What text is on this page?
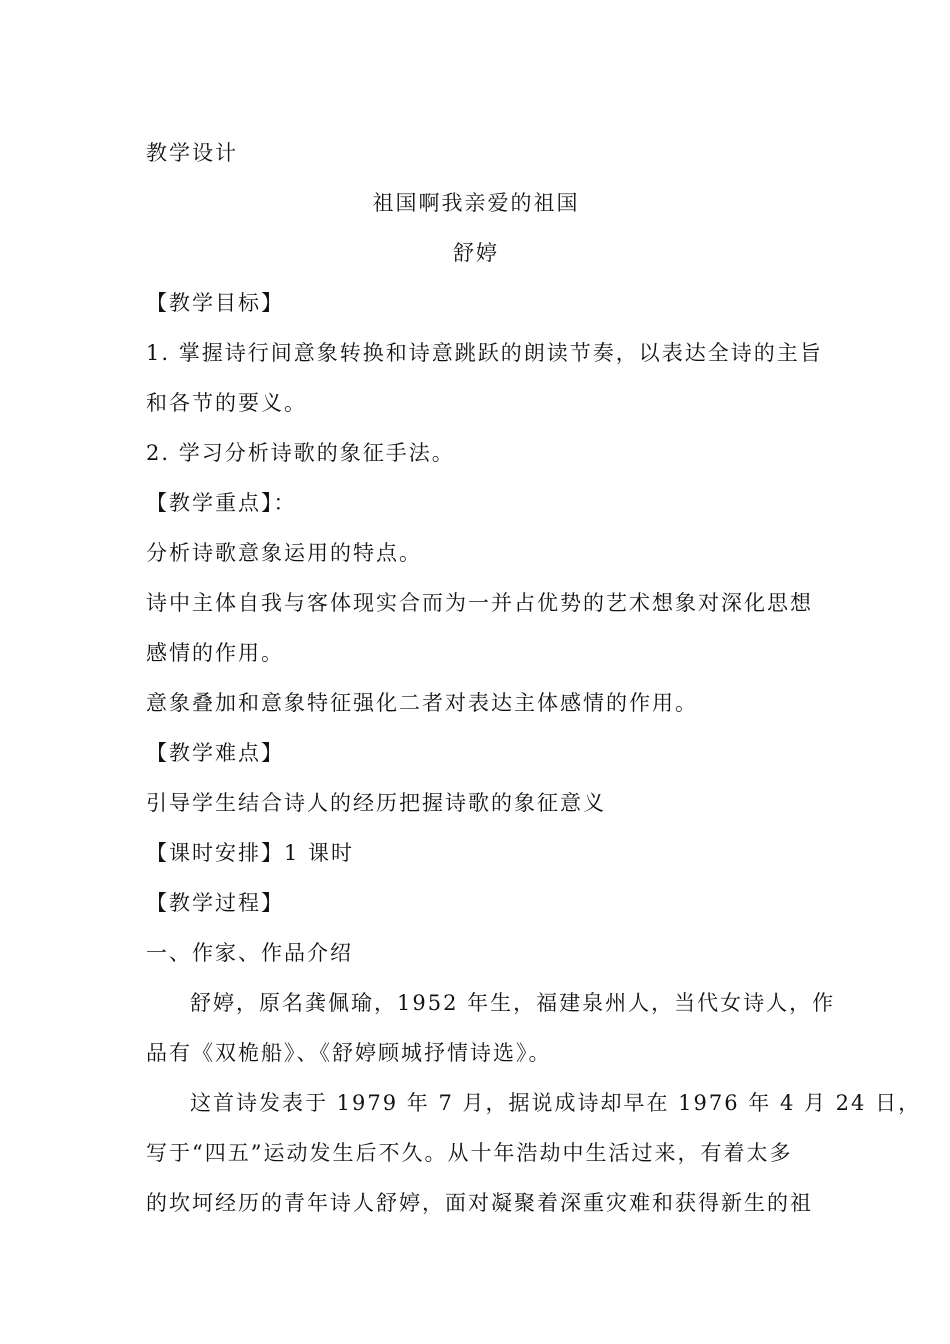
教学设计
祖国啊我亲爱的祖国
舒婷
【教学目标】
1. 掌握诗行间意象转换和诗意跳跃的朗读节奏，以表达全诗的主旨
和各节的要义。
2. 学习分析诗歌的象征手法。
【教学重点】：
分析诗歌意象运用的特点。
诗中主体自我与客体现实合而为一并占优势的艺术想象对深化思想
感情的作用。
意象叠加和意象特征强化二者对表达主体感情的作用。
【教学难点】
引导学生结合诗人的经历把握诗歌的象征意义
【课时安排】1 课时
【教学过程】
一、作家、作品介绍
舒婷，原名龚佩瑜，1952 年生，福建泉州人，当代女诗人，作
品有《双桅船》、《舒婷顾城抒情诗选》。
这首诗发表于 1979 年 7 月，据说成诗却早在 1976 年 4 月 24 日，
写于“四五”运动发生后不久。从十年浩劫中生活过来，有着太多
的坎坷经历的青年诗人舒婷，面对凝聚着深重灾难和获得新生的祖
